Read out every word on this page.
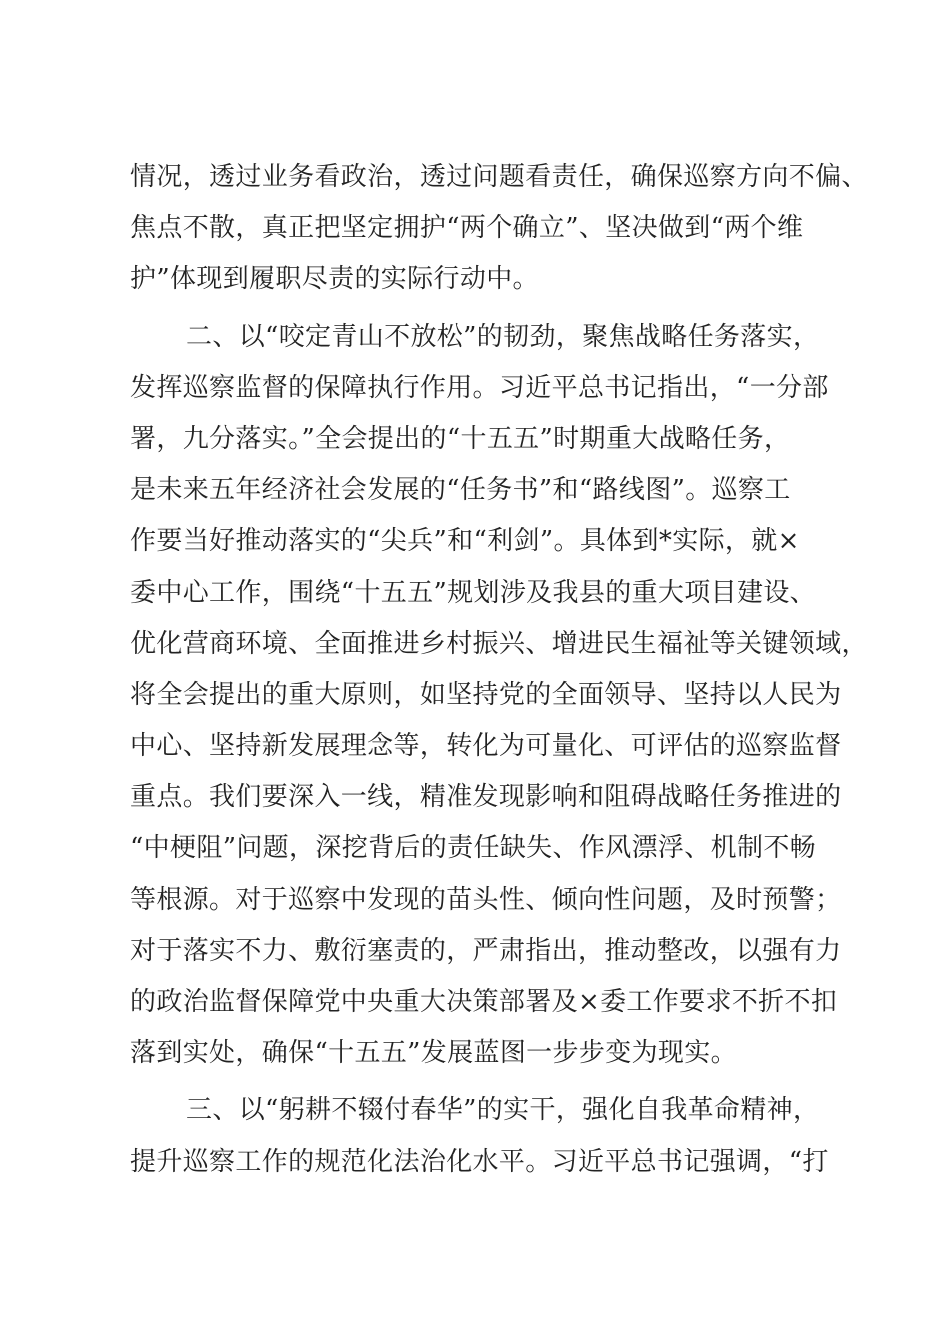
情况，透过业务看政治，透过问题看责任，确保巡察方向不偏、
焦点不散，真正把坚定拥护“两个确立”、坚决做到“两个维
护”体现到履职尽责的实际行动中。
二、以“咬定青山不放松”的韧劲，聚焦战略任务落实，
发挥巡察监督的保障执行作用。习近平总书记指出，“一分部
署，九分落实。”全会提出的“十五五”时期重大战略任务，
是未来五年经济社会发展的“任务书”和“路线图”。巡察工
作要当好推动落实的“尖兵”和“利剑”。具体到*实际，就×
委中心工作，围绕“十五五”规划涉及我县的重大项目建设、
优化营商环境、全面推进乡村振兴、增进民生福祉等关键领域，
将全会提出的重大原则，如坚持党的全面领导、坚持以人民为
中心、坚持新发展理念等，转化为可量化、可评估的巡察监督
重点。我们要深入一线，精准发现影响和阻碍战略任务推进的
“中梗阻”问题，深挖背后的责任缺失、作风漂浮、机制不畅
等根源。对于巡察中发现的苗头性、倾向性问题，及时预警；
对于落实不力、敷衍塞责的，严肃指出，推动整改，以强有力
的政治监督保障党中央重大决策部署及×委工作要求不折不扣
落到实处，确保“十五五”发展蓝图一步步变为现实。
三、以“躬耕不辍付春华”的实干，强化自我革命精神，
提升巡察工作的规范化法治化水平。习近平总书记强调，“打
